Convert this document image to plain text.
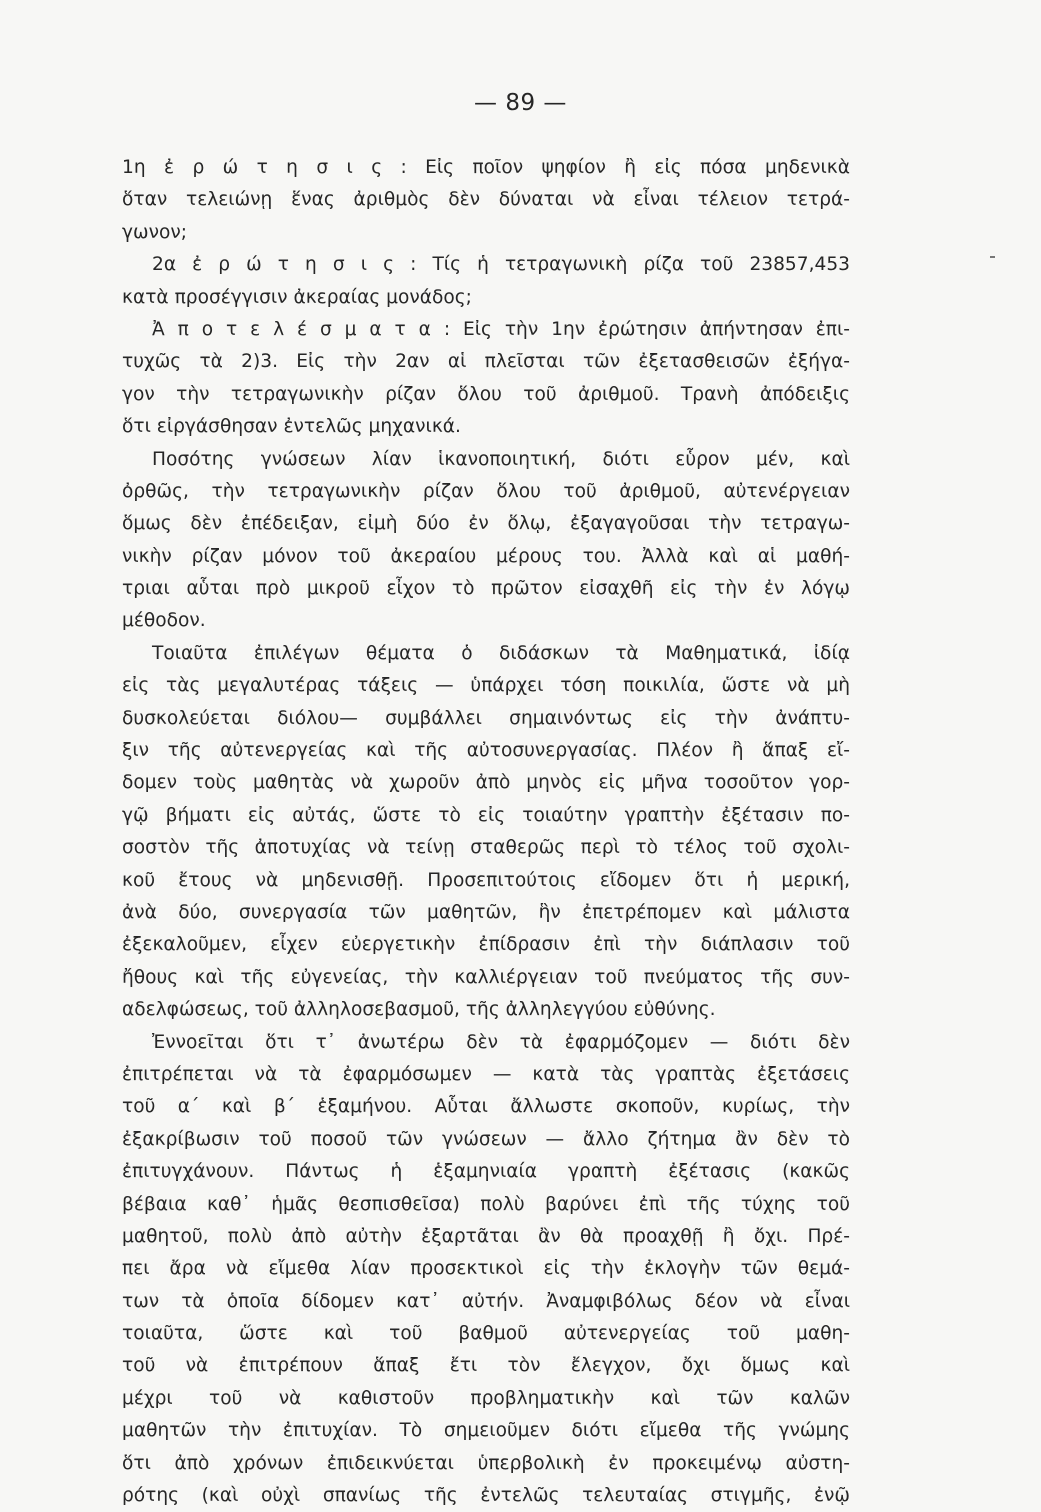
— 89 —
1η ἐ ρ ώ τ η σ ι ς : Εἰς ποῖον ψηφίον ἢ εἰς πόσα μηδενικὰ
ὅταν τελειώνῃ ἕνας ἀριθμὸς δὲν δύναται νὰ εἶναι τέλειον τετρά-
γωνον;
2α ἐ ρ ώ τ η σ ι ς : Τίς ἡ τετραγωνικὴ ρίζα τοῦ 23857,453
κατὰ προσέγγισιν ἀκεραίας μονάδος;
Ἀ π ο τ ε λ έ σ μ α τ α : Εἰς τὴν 1ην ἐρώτησιν ἀπήντησαν ἐπι-
τυχῶς τὰ 2)3. Εἰς τὴν 2αν αἱ πλεῖσται τῶν ἐξετασθεισῶν ἐξήγα-
γον τὴν τετραγωνικὴν ρίζαν ὅλου τοῦ ἀριθμοῦ. Τρανὴ ἀπόδειξις
ὅτι εἰργάσθησαν ἐντελῶς μηχανικά.
Ποσότης γνώσεων λίαν ἱκανοποιητική, διότι εὗρον μέν, καὶ
ὀρθῶς, τὴν τετραγωνικὴν ρίζαν ὅλου τοῦ ἀριθμοῦ, αὐτενέργειαν
ὅμως δὲν ἐπέδειξαν, εἰμὴ δύο ἐν ὅλῳ, ἐξαγαγοῦσαι τὴν τετραγω-
νικὴν ρίζαν μόνον τοῦ ἀκεραίου μέρους του. Ἀλλὰ καὶ αἱ μαθή-
τριαι αὗται πρὸ μικροῦ εἶχον τὸ πρῶτον εἰσαχθῆ εἰς τὴν ἐν λόγῳ
μέθοδον.
Τοιαῦτα ἐπιλέγων θέματα ὁ διδάσκων τὰ Μαθηματικά, ἰδίᾳ
εἰς τὰς μεγαλυτέρας τάξεις — ὑπάρχει τόση ποικιλία, ὥστε νὰ μὴ
δυσκολεύεται διόλου— συμβάλλει σημαινόντως εἰς τὴν ἀνάπτυ-
ξιν τῆς αὐτενεργείας καὶ τῆς αὐτοσυνεργασίας. Πλέον ἢ ἅπαξ εἴ-
δομεν τοὺς μαθητὰς νὰ χωροῦν ἀπὸ μηνὸς εἰς μῆνα τοσοῦτον γορ-
γῷ βήματι εἰς αὐτάς, ὥστε τὸ εἰς τοιαύτην γραπτὴν ἐξέτασιν πο-
σοστὸν τῆς ἀποτυχίας νὰ τείνῃ σταθερῶς περὶ τὸ τέλος τοῦ σχολι-
κοῦ ἔτους νὰ μηδενισθῇ. Προσεπιτούτοις εἴδομεν ὅτι ἡ μερική,
ἀνὰ δύο, συνεργασία τῶν μαθητῶν, ἣν ἐπετρέπομεν καὶ μάλιστα
ἐξεκαλοῦμεν, εἶχεν εὐεργετικὴν ἐπίδρασιν ἐπὶ τὴν διάπλασιν τοῦ
ἤθους καὶ τῆς εὐγενείας, τὴν καλλιέργειαν τοῦ πνεύματος τῆς συν-
αδελφώσεως, τοῦ ἀλληλοσεβασμοῦ, τῆς ἀλληλεγγύου εὐθύνης.
Ἐννοεῖται ὅτι τ᾿ ἀνωτέρω δὲν τὰ ἐφαρμόζομεν — διότι δὲν
ἐπιτρέπεται νὰ τὰ ἐφαρμόσωμεν — κατὰ τὰς γραπτὰς ἐξετάσεις
τοῦ α΄ καὶ β΄ ἑξαμήνου. Αὗται ἄλλωστε σκοποῦν, κυρίως, τὴν
ἐξακρίβωσιν τοῦ ποσοῦ τῶν γνώσεων — ἄλλο ζήτημα ἂν δὲν τὸ
ἐπιτυγχάνουν. Πάντως ἡ ἑξαμηνιαία γραπτὴ ἐξέτασις (κακῶς
βέβαια καθ᾿ ἡμᾶς θεσπισθεῖσα) πολὺ βαρύνει ἐπὶ τῆς τύχης τοῦ
μαθητοῦ, πολὺ ἀπὸ αὐτὴν ἐξαρτᾶται ἂν θὰ προαχθῇ ἢ ὄχι. Πρέ-
πει ἄρα νὰ εἴμεθα λίαν προσεκτικοὶ εἰς τὴν ἐκλογὴν τῶν θεμά-
των τὰ ὁποῖα δίδομεν κατ᾿ αὐτήν. Ἀναμφιβόλως δέον νὰ εἶναι
τοιαῦτα, ὥστε καὶ τοῦ βαθμοῦ αὐτενεργείας τοῦ μαθη-
τοῦ νὰ ἐπιτρέπουν ἅπαξ ἔτι τὸν ἔλεγχον, ὄχι ὅμως καὶ
μέχρι τοῦ νὰ καθιστοῦν προβληματικὴν καὶ τῶν καλῶν
μαθητῶν τὴν ἐπιτυχίαν. Τὸ σημειοῦμεν διότι εἴμεθα τῆς γνώμης
ὅτι ἀπὸ χρόνων ἐπιδεικνύεται ὑπερβολικὴ ἐν προκειμένῳ αὐστη-
ρότης (καὶ οὐχὶ σπανίως τῆς ἐντελῶς τελευταίας στιγμῆς, ἐνῷ
